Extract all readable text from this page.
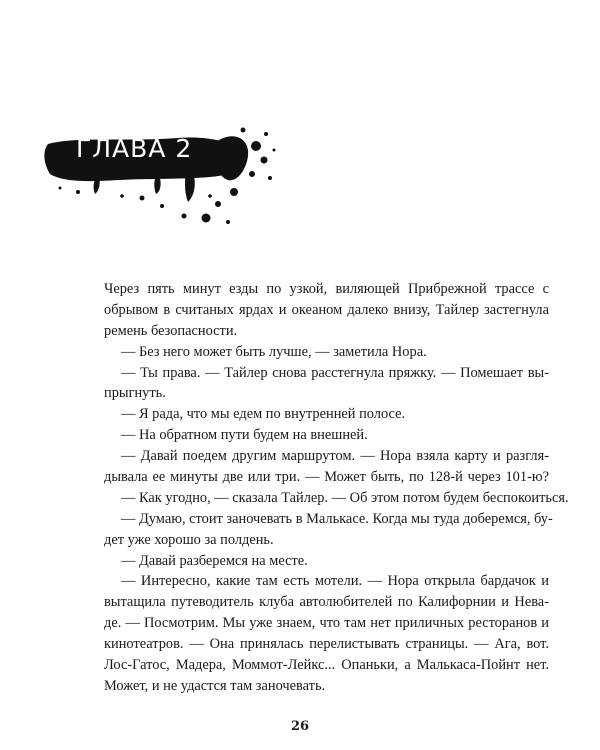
ГЛАВА 2
Через пять минут езды по узкой, виляющей Прибрежной трассе с
обрывом в считаных ярдах и океаном далеко внизу, Тайлер застегнула
ремень безопасности.
— Без него может быть лучше, — заметила Нора.
— Ты права. — Тайлер снова расстегнула пряжку. — Помешает вы-
прыгнуть.
— Я рада, что мы едем по внутренней полосе.
— На обратном пути будем на внешней.
— Давай поедем другим маршрутом. — Нора взяла карту и разгля-
дывала ее минуты две или три. — Может быть, по 128-й через 101-ю?
— Как угодно, — сказала Тайлер. — Об этом потом будем беспокоиться.
— Думаю, стоит заночевать в Малькасе. Когда мы туда доберемся, бу-
дет уже хорошо за полдень.
— Давай разберемся на месте.
— Интересно, какие там есть мотели. — Нора открыла бардачок и
вытащила путеводитель клуба автолюбителей по Калифорнии и Нева-
де. — Посмотрим. Мы уже знаем, что там нет приличных ресторанов и
кинотеатров. — Она принялась перелистывать страницы. — Ага, вот.
Лос-Гатос, Мадера, Моммот-Лейкс... Опаньки, а Малькаса-Пойнт нет.
Может, и не удастся там заночевать.
26
